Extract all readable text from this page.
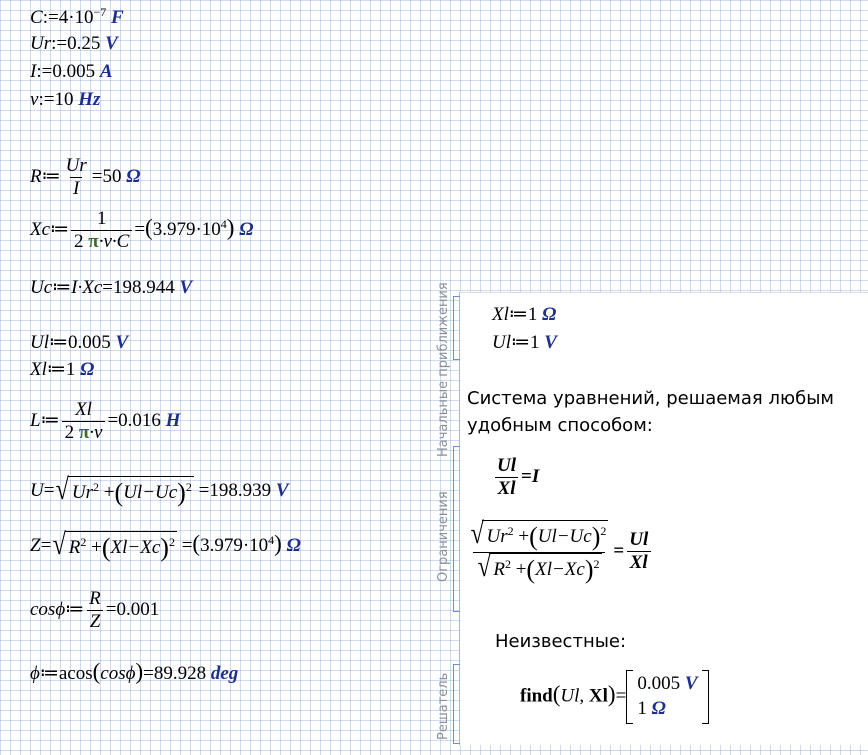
$C:=4\cdot 10^{-7}$ F
Ur:=0.25 V
I:=0.005 A
v:=10 Hz
R≔ $\frac{Ur}{I} =50$ Ω
Xc≔ $\frac{1}{2 \pi\cdot v\cdot C} =(3.979\cdot 10^4)$ Ω
Uc≔I·Xc=198.944 V
Ul≔0.005 V
Xl≔1 Ω
L≔ $\frac{Xl}{2 \pi\cdot v} =0.016$ H
U= √ $Ur^2 +(Ul-Uc)^2 =198.939$ V
Z= √ $R^2 +(Xl-Xc)^2 =(3.979\cdot 10^4)$ Ω
cosϕ≔ $\frac{R}{Z} =0.001$
ϕ≔acos(cosϕ)=89.928 deg
Начальные приближения
Ограничения
Решатель
Xl≔1 Ω
Ul≔1 V
Система уравнений, решаемая любым удобным способом:
$\frac{Ul}{Xl} =I$
$\frac{√ Ur^2 +(Ul-Uc)^2}{√ R^2 +(Xl-Xc)^2} = \frac{Ul}{Xl}$
Неизвестные:
find(Ul, Xl)=
0.005 V
1 Ω
